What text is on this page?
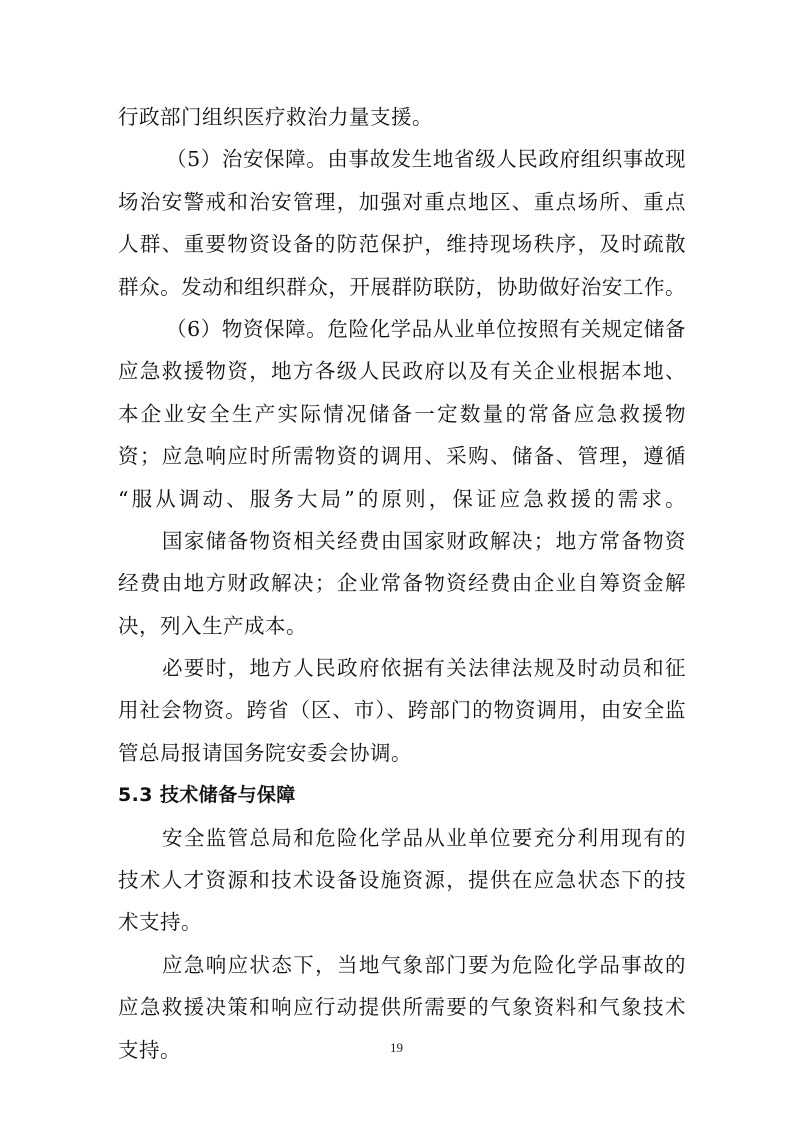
行政部门组织医疗救治力量支援。
（5）治安保障。由事故发生地省级人民政府组织事故现
场治安警戒和治安管理，加强对重点地区、重点场所、重点
人群、重要物资设备的防范保护，维持现场秩序，及时疏散
群众。发动和组织群众，开展群防联防，协助做好治安工作。
（6）物资保障。危险化学品从业单位按照有关规定储备
应急救援物资，地方各级人民政府以及有关企业根据本地、
本企业安全生产实际情况储备一定数量的常备应急救援物
资；应急响应时所需物资的调用、采购、储备、管理，遵循
“服从调动、服务大局”的原则，保证应急救援的需求。
国家储备物资相关经费由国家财政解决；地方常备物资
经费由地方财政解决；企业常备物资经费由企业自筹资金解
决，列入生产成本。
必要时，地方人民政府依据有关法律法规及时动员和征
用社会物资。跨省（区、市）、跨部门的物资调用，由安全监
管总局报请国务院安委会协调。
5.3 技术储备与保障
安全监管总局和危险化学品从业单位要充分利用现有的
技术人才资源和技术设备设施资源，提供在应急状态下的技
术支持。
应急响应状态下，当地气象部门要为危险化学品事故的
应急救援决策和响应行动提供所需要的气象资料和气象技术
支持。	19
